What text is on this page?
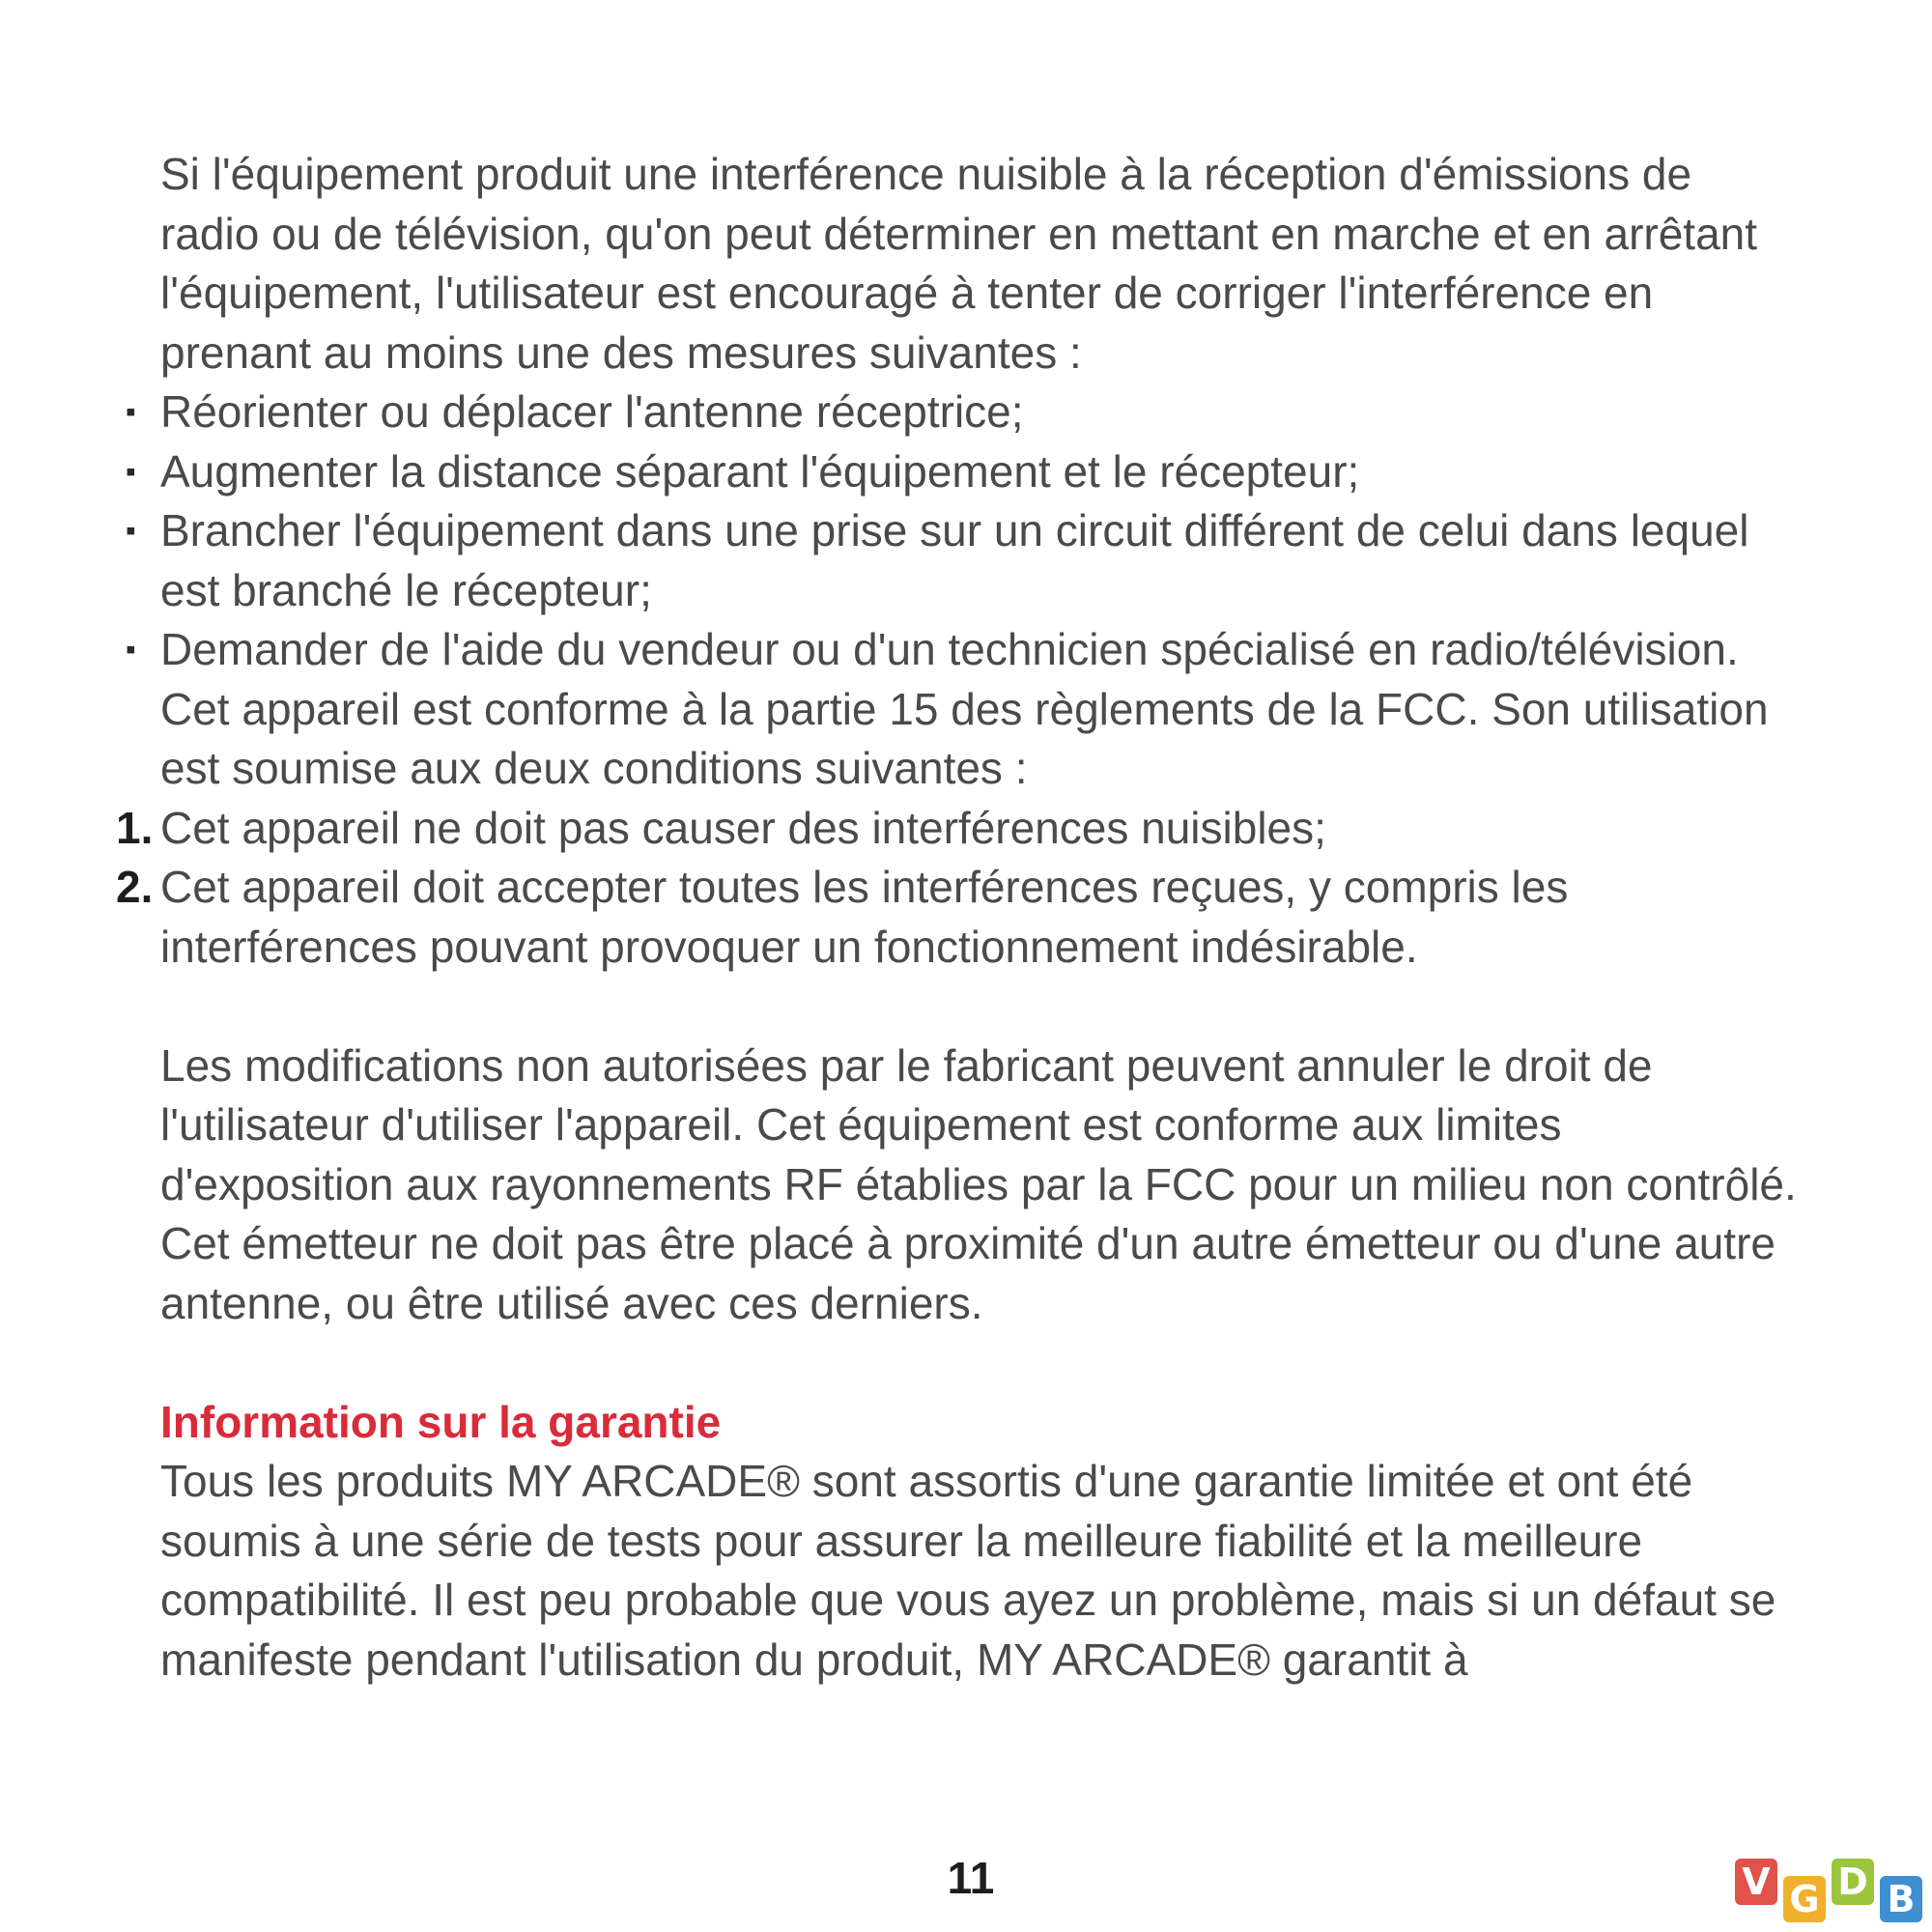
Si l'équipement produit une interférence nuisible à la réception d'émissions de radio ou de télévision, qu'on peut déterminer en mettant en marche et en arrêtant l'équipement, l'utilisateur est encouragé à tenter de corriger l'interférence en prenant au moins une des mesures suivantes :

▪ Réorienter ou déplacer l'antenne réceptrice;
▪ Augmenter la distance séparant l'équipement et le récepteur;
▪ Brancher l'équipement dans une prise sur un circuit différent de celui dans lequel est branché le récepteur;
▪ Demander de l'aide du vendeur ou d'un technicien spécialisé en radio/télévision.

Cet appareil est conforme à la partie 15 des règlements de la FCC. Son utilisation est soumise aux deux conditions suivantes :

1. Cet appareil ne doit pas causer des interférences nuisibles;
2. Cet appareil doit accepter toutes les interférences reçues, y compris les interférences pouvant provoquer un fonctionnement indésirable.

Les modifications non autorisées par le fabricant peuvent annuler le droit de l'utilisateur d'utiliser l'appareil. Cet équipement est conforme aux limites d'exposition aux rayonnements RF établies par la FCC pour un milieu non contrôlé. Cet émetteur ne doit pas être placé à proximité d'un autre émetteur ou d'une autre antenne, ou être utilisé avec ces derniers.

Information sur la garantie

Tous les produits MY ARCADE® sont assortis d'une garantie limitée et ont été soumis à une série de tests pour assurer la meilleure fiabilité et la meilleure compatibilité. Il est peu probable que vous ayez un problème, mais si un défaut se manifeste pendant l'utilisation du produit, MY ARCADE® garantit à

11	V G D B
